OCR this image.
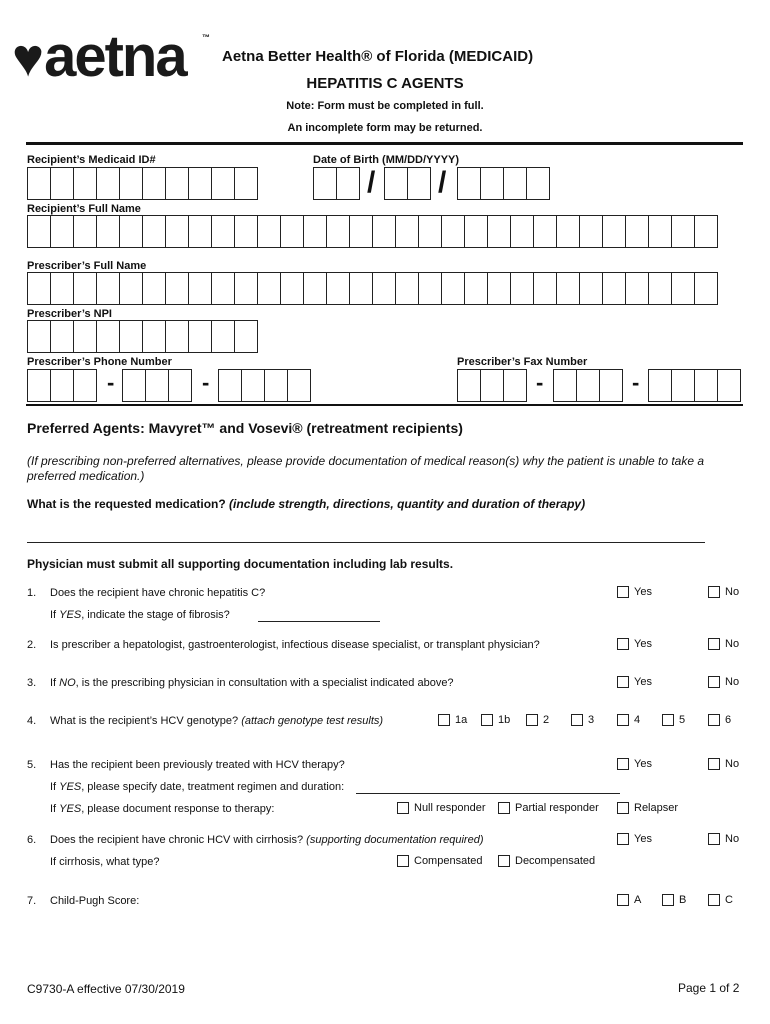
♥aetna ™
Aetna Better Health® of Florida (MEDICAID)
HEPATITIS C AGENTS
Note: Form must be completed in full.
An incomplete form may be returned.
Recipient’s Medicaid ID#	Date of Birth (MM/DD/YYYY)
/ /
Recipient’s Full Name
Prescriber’s Full Name
Prescriber’s NPI
Prescriber’s Phone Number	Prescriber’s Fax Number
-	-	-	-
Preferred Agents: Mavyret™ and Vosevi® (retreatment recipients)
(If prescribing non-preferred alternatives, please provide documentation of medical reason(s) why the patient is unable to take a preferred medication.)
What is the requested medication? (include strength, directions, quantity and duration of therapy)
Physician must submit all supporting documentation including lab results.
1. Does the recipient have chronic hepatitis C?	Yes	No
If YES, indicate the stage of fibrosis?
2. Is prescriber a hepatologist, gastroenterologist, infectious disease specialist, or transplant physician?	Yes	No
3. If NO, is the prescribing physician in consultation with a specialist indicated above?	Yes	No
4. What is the recipient’s HCV genotype? (attach genotype test results)	1a	1b	2	3	4	5	6
5. Has the recipient been previously treated with HCV therapy?	Yes	No
If YES, please specify date, treatment regimen and duration:
If YES, please document response to therapy:	Null responder	Partial responder	Relapser
6. Does the recipient have chronic HCV with cirrhosis? (supporting documentation required)	Yes	No
If cirrhosis, what type?	Compensated	Decompensated
7. Child-Pugh Score:	A	B	C
C9730-A effective 07/30/2019	Page 1 of 2
